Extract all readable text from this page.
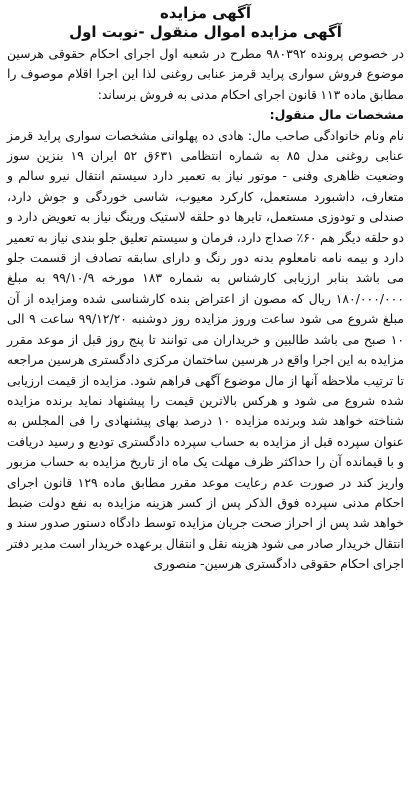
آگهی مزایده
آگهی مزایده اموال منقول -نوبت اول

در خصوص پرونده ۹۸۰۳۹۲ مطرح در شعبه اول اجرای احکام حقوقی هرسین موضوع فروش سواری پراید قرمز عنابی روغنی لذا این اجرا اقلام موصوف را مطابق ماده ۱۱۳ قانون اجرای احکام مدنی به فروش برساند:

مشخصات مال منقول:

نام ونام خانوادگی صاحب مال: هادی ده پهلوانی مشخصات سواری پراید قرمز عنابی روغنی مدل ۸۵ به شماره انتظامی ۶۳۱ق ۵۲ ایران ۱۹ بنزین سوز وضعیت ظاهری وفنی - موتور نیاز به تعمیر دارد سیستم انتقال نیرو سالم و متعارف، داشبورد مستعمل، کارکرد معیوب، شاسی خوردگی و جوش دارد، صندلی و تودوزی مستعمل، تایرها دو حلقه لاستیک ورینگ نیاز به تعویض دارد و دو حلقه دیگر هم ۶۰٪ صداج دارد، فرمان و سیستم تعلیق جلو بندی نیاز به تعمیر دارد و بیمه نامه نامعلوم بدنه دور رنگ و دارای سابقه تصادف از قسمت جلو می باشد بنابر ارزیابی کارشناس به شماره ۱۸۳ مورخه ۹۹/۱۰/۹ به مبلغ ۱۸۰/۰۰۰/۰۰۰ ریال که مصون از اعتراض بنده کارشناسی شده ومزایده از آن مبلغ شروع می شود ساعت وروز مزایده روز دوشنبه ۹۹/۱۲/۲۰ ساعت ۹ الی ۱۰ صبح می باشد طالبین و خریداران می توانند تا پنج روز قبل از موعد مقرر مزایده به این اجرا واقع در هرسین ساختمان مرکزی دادگستری هرسین مراجعه تا ترتیب ملاحظه آنها از مال موضوع آگهی فراهم شود. مزایده از قیمت ارزیابی شده شروع می شود و هرکس بالاترین قیمت را پیشنهاد نماید برنده مزایده شناخته خواهد شد وبرنده مزایده ۱۰ درصد بهای پیشنهادی را فی المجلس به عنوان سپرده قبل از مزایده به حساب سپرده دادگستری تودیع و رسید دریافت و با قیمانده آن را حداکثر ظرف مهلت یک ماه از تاریخ مزایده به حساب مزبور واریز کند در صورت عدم رعایت موعد مقرر مطابق ماده ۱۲۹ قانون اجرای احکام مدنی سپرده فوق الذکر پس از کسر هزینه مزایده به نفع دولت ضبط خواهد شد پس از احراز صحت جریان مزایده توسط دادگاه دستور صدور سند و انتقال خریدار صادر می شود هزینه نقل و انتقال برعهده خریدار است مدیر دفتر اجرای احکام حقوقی دادگستری هرسین- منصوری
